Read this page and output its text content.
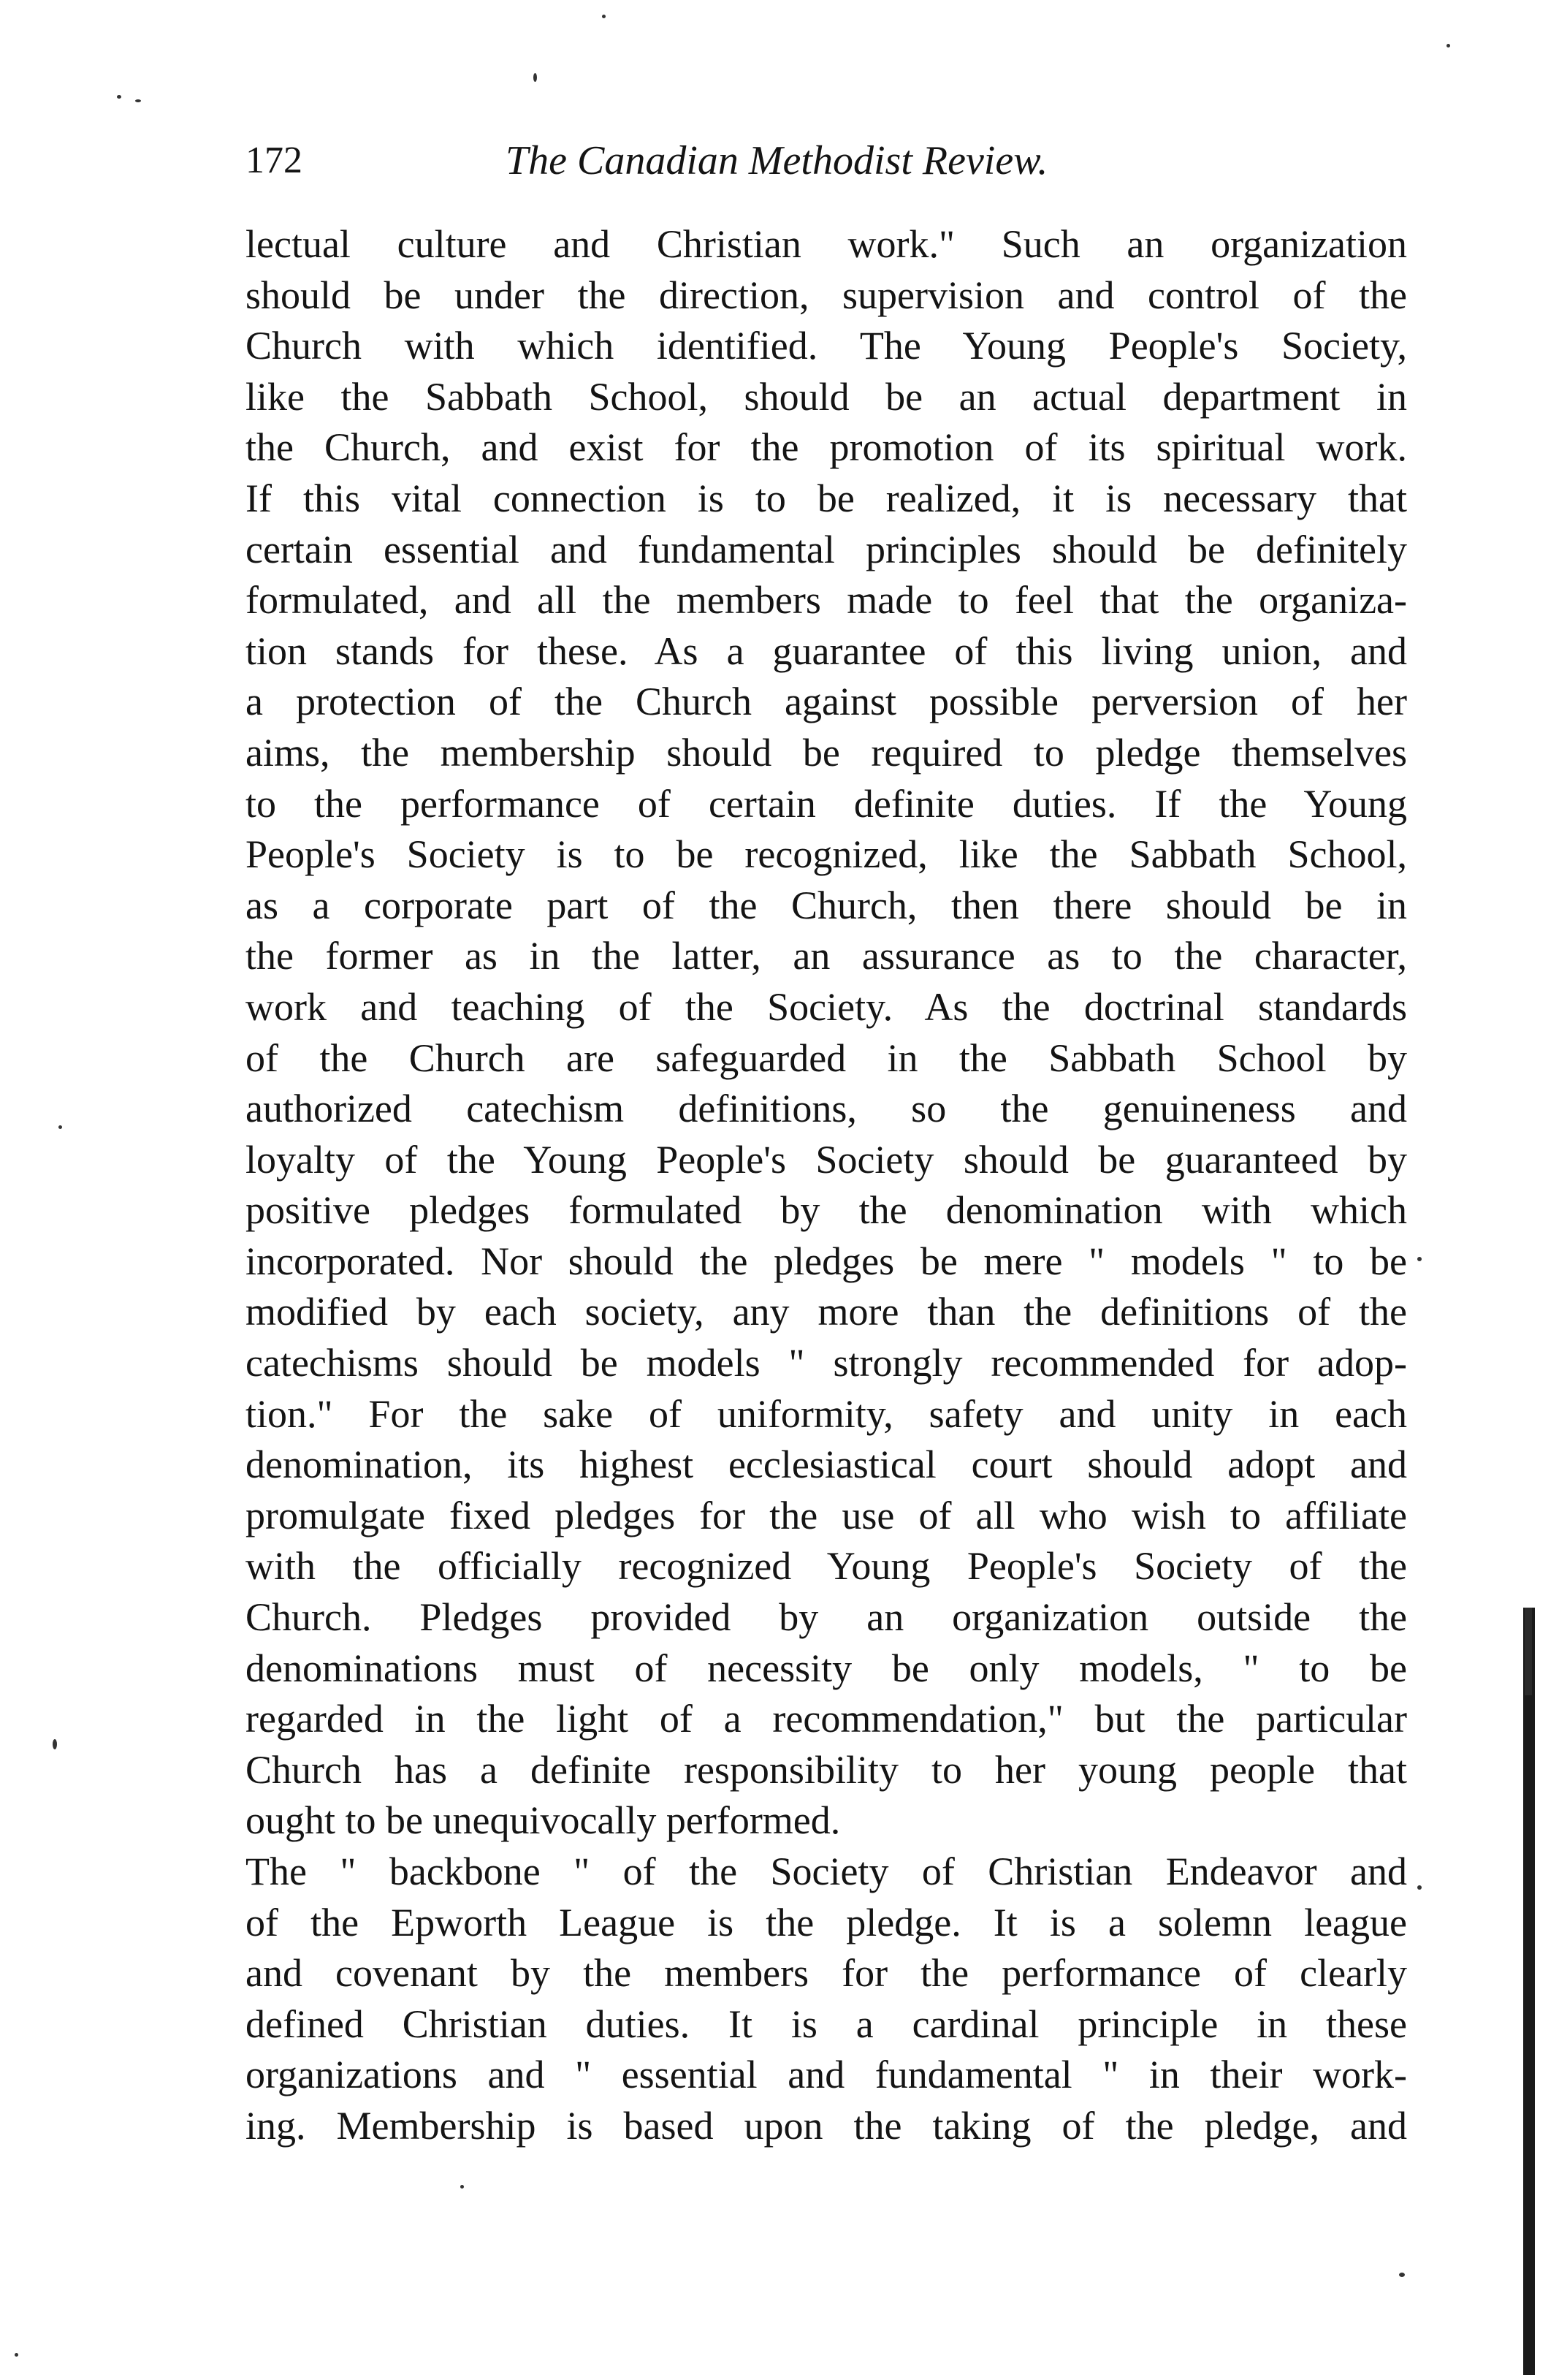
172	The Canadian Methodist Review.
lectual culture and Christian work." Such an organization
should be under the direction, supervision and control of the
Church with which identified. The Young People's Society,
like the Sabbath School, should be an actual department in
the Church, and exist for the promotion of its spiritual work.
If this vital connection is to be realized, it is necessary that
certain essential and fundamental principles should be definitely
formulated, and all the members made to feel that the organiza-
tion stands for these. As a guarantee of this living union, and
a protection of the Church against possible perversion of her
aims, the membership should be required to pledge themselves
to the performance of certain definite duties. If the Young
People's Society is to be recognized, like the Sabbath School,
as a corporate part of the Church, then there should be in
the former as in the latter, an assurance as to the character,
work and teaching of the Society. As the doctrinal standards
of the Church are safeguarded in the Sabbath School by
authorized catechism definitions, so the genuineness and
loyalty of the Young People's Society should be guaranteed by
positive pledges formulated by the denomination with which
incorporated. Nor should the pledges be mere " models " to be
modified by each society, any more than the definitions of the
catechisms should be models " strongly recommended for adop-
tion." For the sake of uniformity, safety and unity in each
denomination, its highest ecclesiastical court should adopt and
promulgate fixed pledges for the use of all who wish to affiliate
with the officially recognized Young People's Society of the
Church. Pledges provided by an organization outside the
denominations must of necessity be only models, " to be
regarded in the light of a recommendation," but the particular
Church has a definite responsibility to her young people that
ought to be unequivocally performed.
The " backbone " of the Society of Christian Endeavor and
of the Epworth League is the pledge. It is a solemn league
and covenant by the members for the performance of clearly
defined Christian duties. It is a cardinal principle in these
organizations and " essential and fundamental " in their work-
ing. Membership is based upon the taking of the pledge, and
